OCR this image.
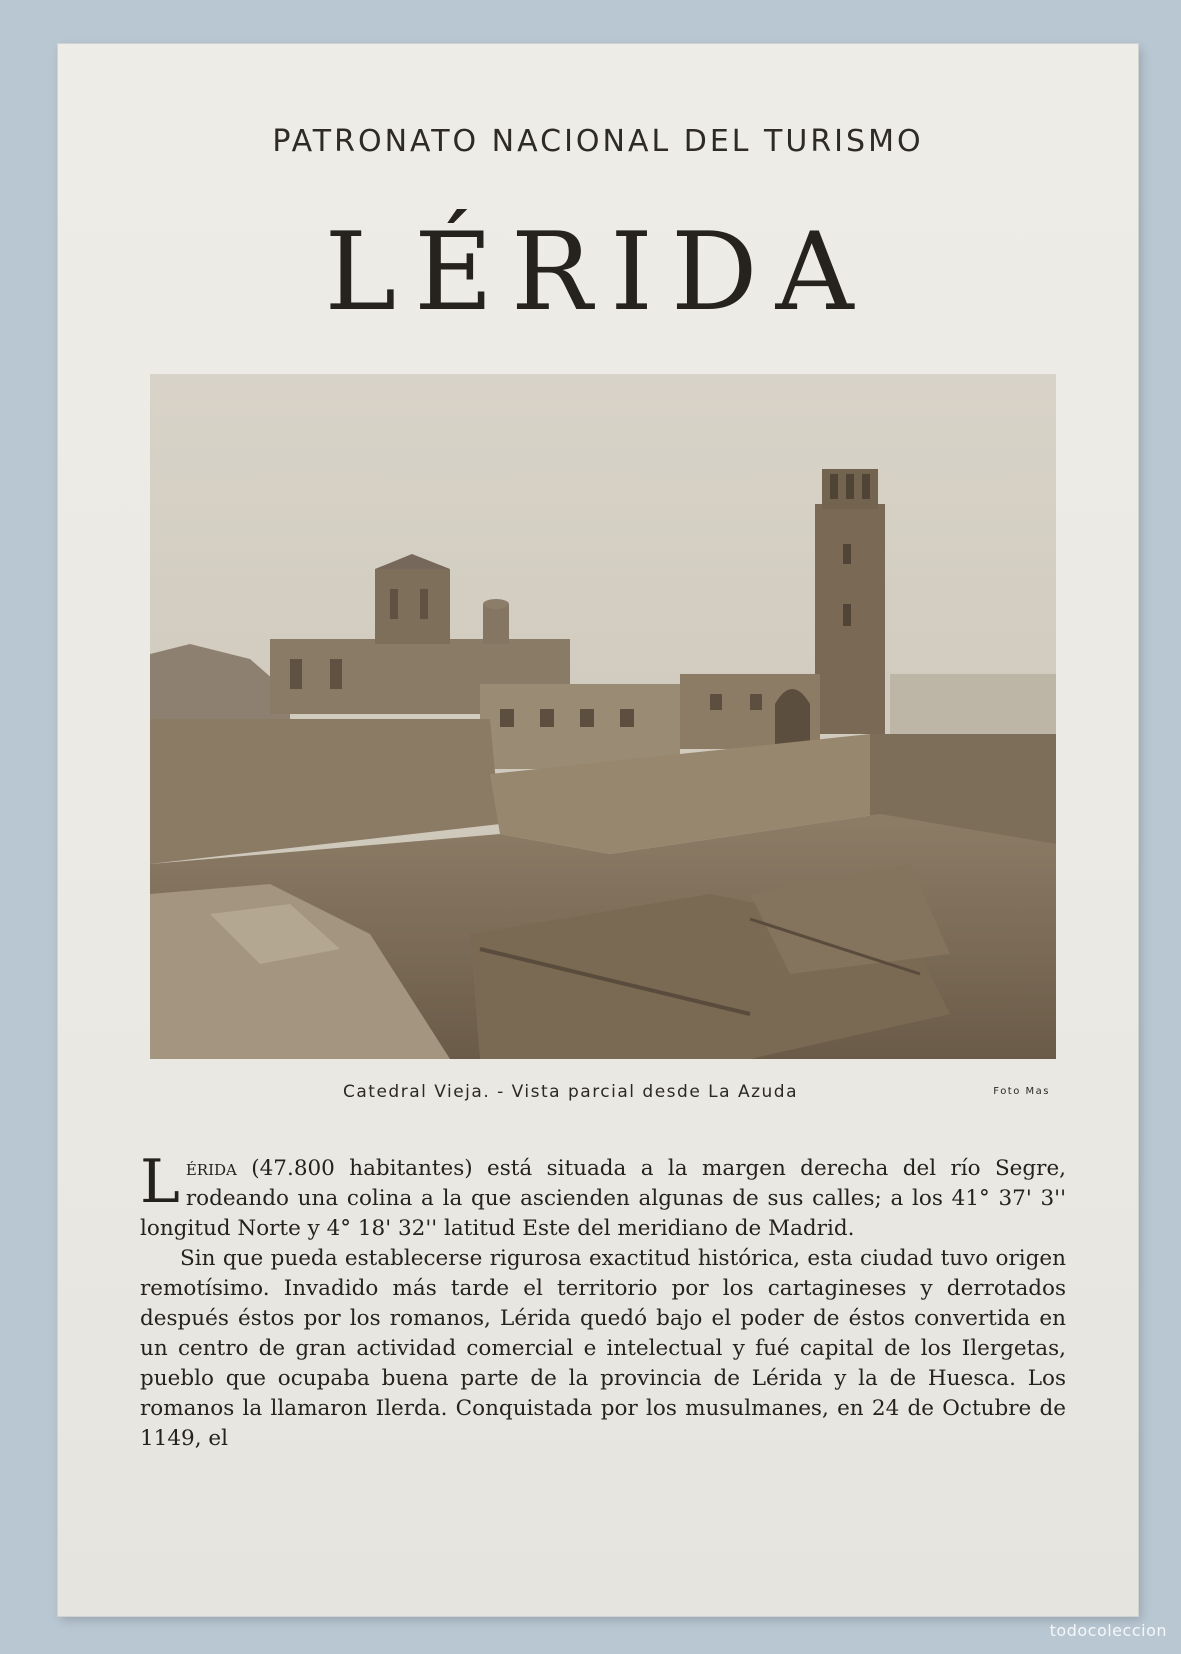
PATRONATO NACIONAL DEL TURISMO
LÉRIDA
Catedral Vieja. - Vista parcial desde La Azuda	Foto Mas

Lérida (47.800 habitantes) está situada a la margen derecha del río Segre, rodeando una colina a la que ascienden algunas de sus calles; a los 41° 37' 3'' longitud Norte y 4° 18' 32'' latitud Este del meridiano de Madrid.

Sin que pueda establecerse rigurosa exactitud histórica, esta ciudad tuvo origen remotísimo. Invadido más tarde el territorio por los cartagineses y derrotados después éstos por los romanos, Lérida quedó bajo el poder de éstos convertida en un centro de gran actividad comercial e intelectual y fué capital de los Ilergetas, pueblo que ocupaba buena parte de la provincia de Lérida y la de Huesca. Los romanos la llamaron Ilerda. Conquistada por los musulmanes, en 24 de Octubre de 1149, el

todocoleccion
